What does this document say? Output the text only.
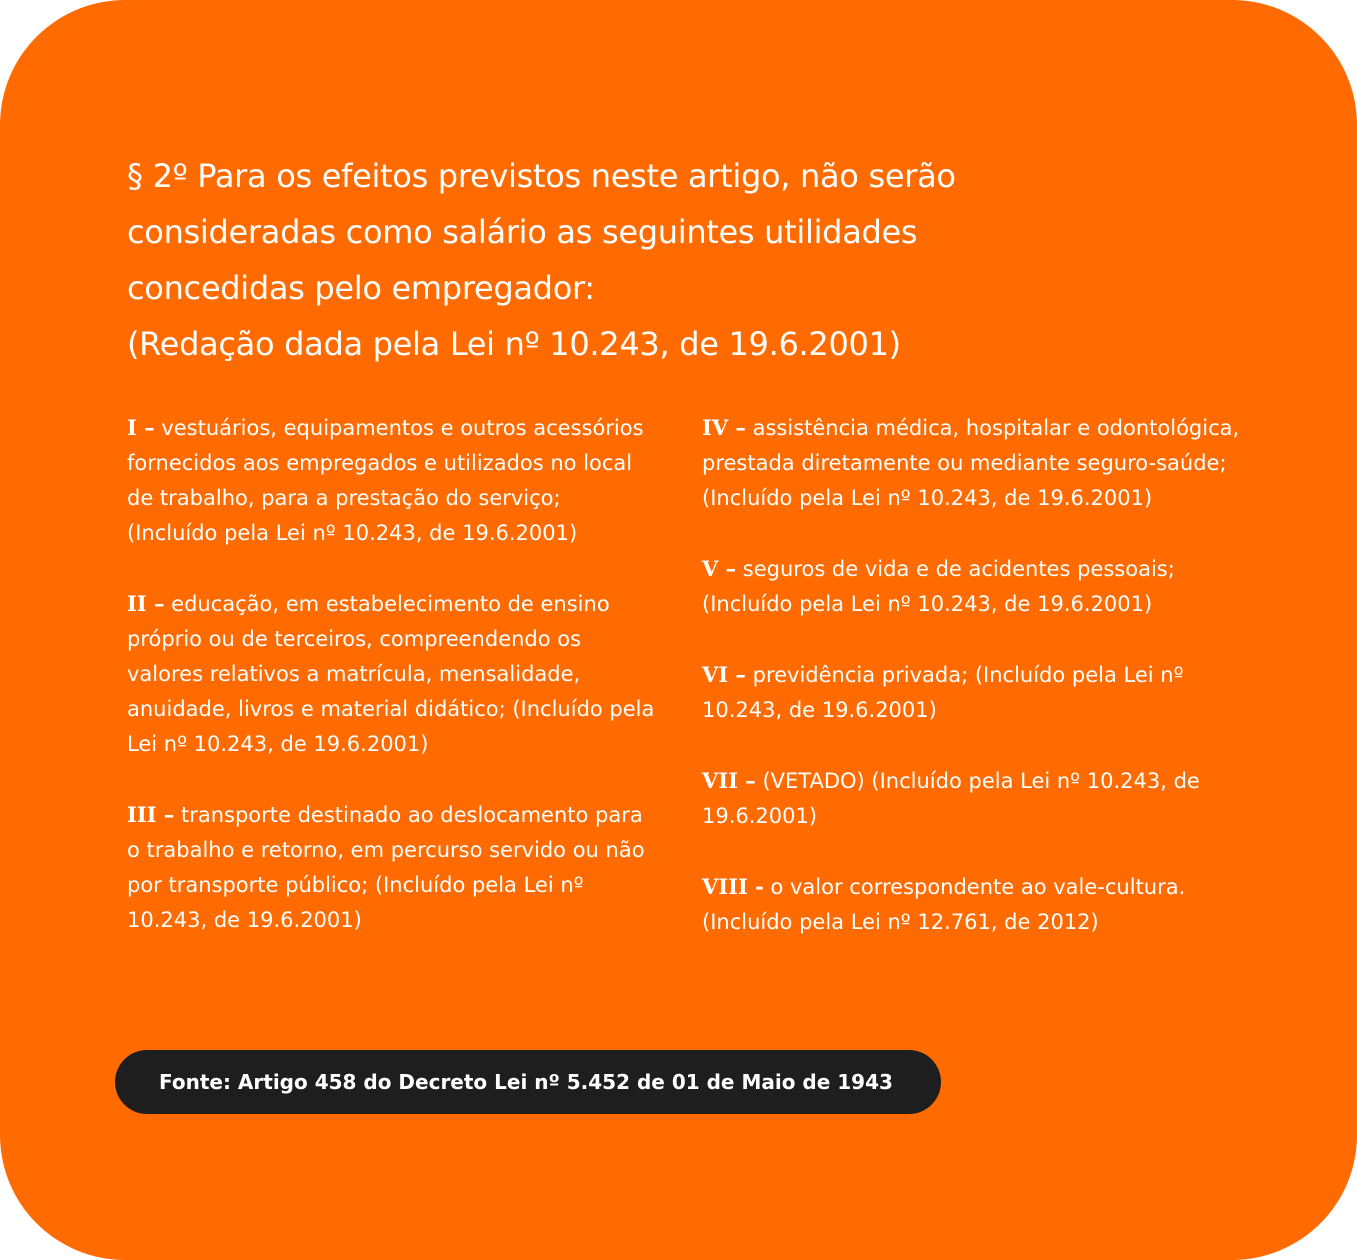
§ 2º Para os efeitos previstos neste artigo, não serão
consideradas como salário as seguintes utilidades
concedidas pelo empregador:
(Redação dada pela Lei nº 10.243, de 19.6.2001)
I – vestuários, equipamentos e outros acessórios fornecidos aos empregados e utilizados no local de trabalho, para a prestação do serviço; (Incluído pela Lei nº 10.243, de 19.6.2001)
II – educação, em estabelecimento de ensino próprio ou de terceiros, compreendendo os valores relativos a matrícula, mensalidade, anuidade, livros e material didático; (Incluído pela Lei nº 10.243, de 19.6.2001)
III – transporte destinado ao deslocamento para o trabalho e retorno, em percurso servido ou não por transporte público; (Incluído pela Lei nº 10.243, de 19.6.2001)
IV – assistência médica, hospitalar e odontológica, prestada diretamente ou mediante seguro-saúde; (Incluído pela Lei nº 10.243, de 19.6.2001)
V – seguros de vida e de acidentes pessoais; (Incluído pela Lei nº 10.243, de 19.6.2001)
VI – previdência privada; (Incluído pela Lei nº 10.243, de 19.6.2001)
VII – (VETADO) (Incluído pela Lei nº 10.243, de 19.6.2001)
VIII - o valor correspondente ao vale-cultura. (Incluído pela Lei nº 12.761, de 2012)
Fonte: Artigo 458 do Decreto Lei nº 5.452 de 01 de Maio de 1943
